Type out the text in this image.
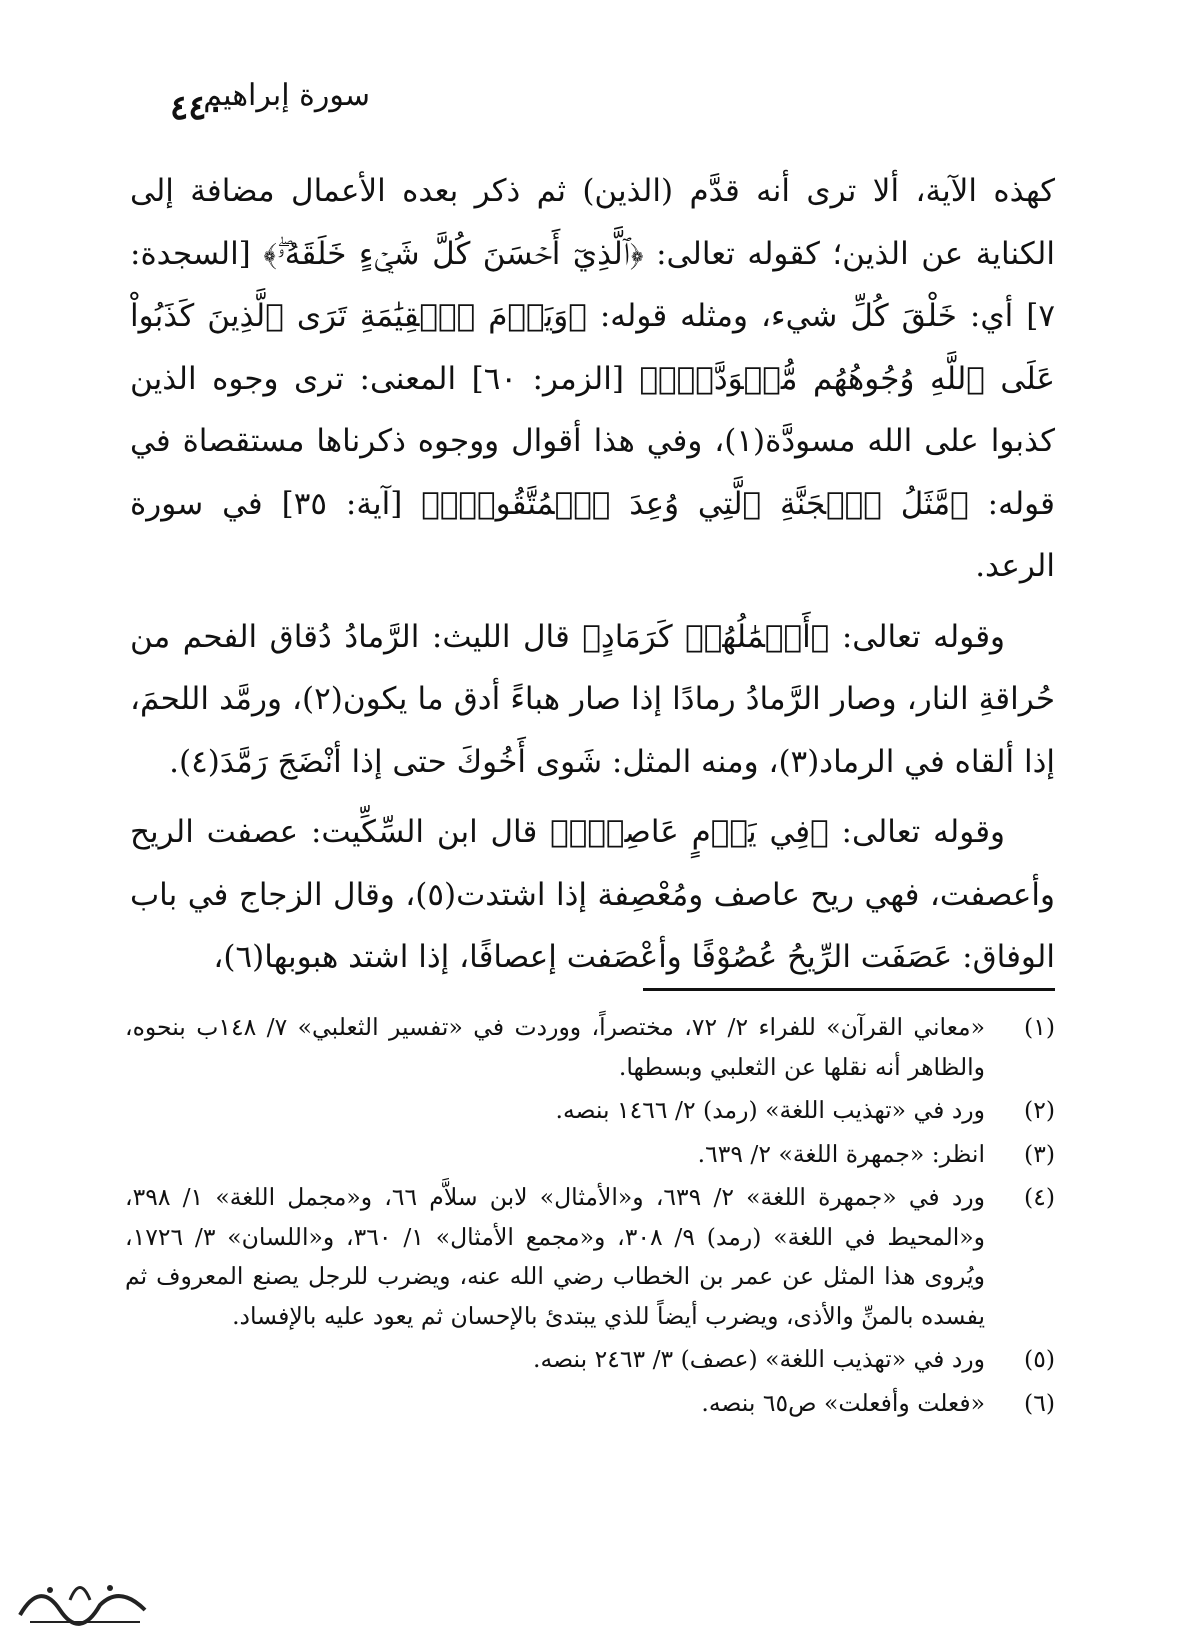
٤٤٠
سورة إبراهيم

كهذه الآية، ألا ترى أنه قدَّم (الذين) ثم ذكر بعده الأعمال مضافة إلى الكناية عن الذين؛ كقوله تعالى: ﴿ٱلَّذِيٓ أَحۡسَنَ كُلَّ شَيۡءٍ خَلَقَهُۥۖ﴾ [السجدة: ٧] أي: خَلْقَ كُلِّ شيء، ومثله قوله: ﴿وَيَوۡمَ ٱلۡقِيَٰمَةِ تَرَى ٱلَّذِينَ كَذَبُواْ عَلَى ٱللَّهِ وُجُوهُهُم مُّسۡوَدَّةٌۚ﴾ [الزمر: ٦٠] المعنى: ترى وجوه الذين كذبوا على الله مسودَّة(١)، وفي هذا أقوال ووجوه ذكرناها مستقصاة في قوله: ﴿مَّثَلُ ٱلۡجَنَّةِ ٱلَّتِي وُعِدَ ٱلۡمُتَّقُونَۖ﴾ [آية: ٣٥] في سورة الرعد.

وقوله تعالى: ﴿أَعۡمَٰلُهُمۡ كَرَمَادٍ﴾ قال الليث: الرَّمادُ دُقاق الفحم من حُراقةِ النار، وصار الرَّمادُ رمادًا إذا صار هباءً أدق ما يكون(٢)، ورمَّد اللحمَ، إذا ألقاه في الرماد(٣)، ومنه المثل: شَوى أَخُوكَ حتى إذا أنْضَجَ رَمَّدَ(٤).

وقوله تعالى: ﴿فِي يَوۡمٍ عَاصِفٖۖ﴾ قال ابن السِّكِّيت: عصفت الريح وأعصفت، فهي ريح عاصف ومُعْصِفة إذا اشتدت(٥)، وقال الزجاج في باب الوفاق: عَصَفَت الرِّيحُ عُصُوْفًا وأعْصَفت إعصافًا، إذا اشتد هبوبها(٦)،

(١)
«معاني القرآن» للفراء ٢/ ٧٢، مختصراً، ووردت في «تفسير الثعلبي» ٧/ ١٤٨ب بنحوه، والظاهر أنه نقلها عن الثعلبي وبسطها.
(٢)
ورد في «تهذيب اللغة» (رمد) ٢/ ١٤٦٦ بنصه.
(٣)
انظر: «جمهرة اللغة» ٢/ ٦٣٩.
(٤)
ورد في «جمهرة اللغة» ٢/ ٦٣٩، و«الأمثال» لابن سلاَّم ٦٦، و«مجمل اللغة» ١/ ٣٩٨، و«المحيط في اللغة» (رمد) ٩/ ٣٠٨، و«مجمع الأمثال» ١/ ٣٦٠، و«اللسان» ٣/ ١٧٢٦، ويُروى هذا المثل عن عمر بن الخطاب رضي الله عنه، ويضرب للرجل يصنع المعروف ثم يفسده بالمنِّ والأذى، ويضرب أيضاً للذي يبتدئ بالإحسان ثم يعود عليه بالإفساد.
(٥)
ورد في «تهذيب اللغة» (عصف) ٣/ ٢٤٦٣ بنصه.
(٦)
«فعلت وأفعلت» ص٦٥ بنصه.
